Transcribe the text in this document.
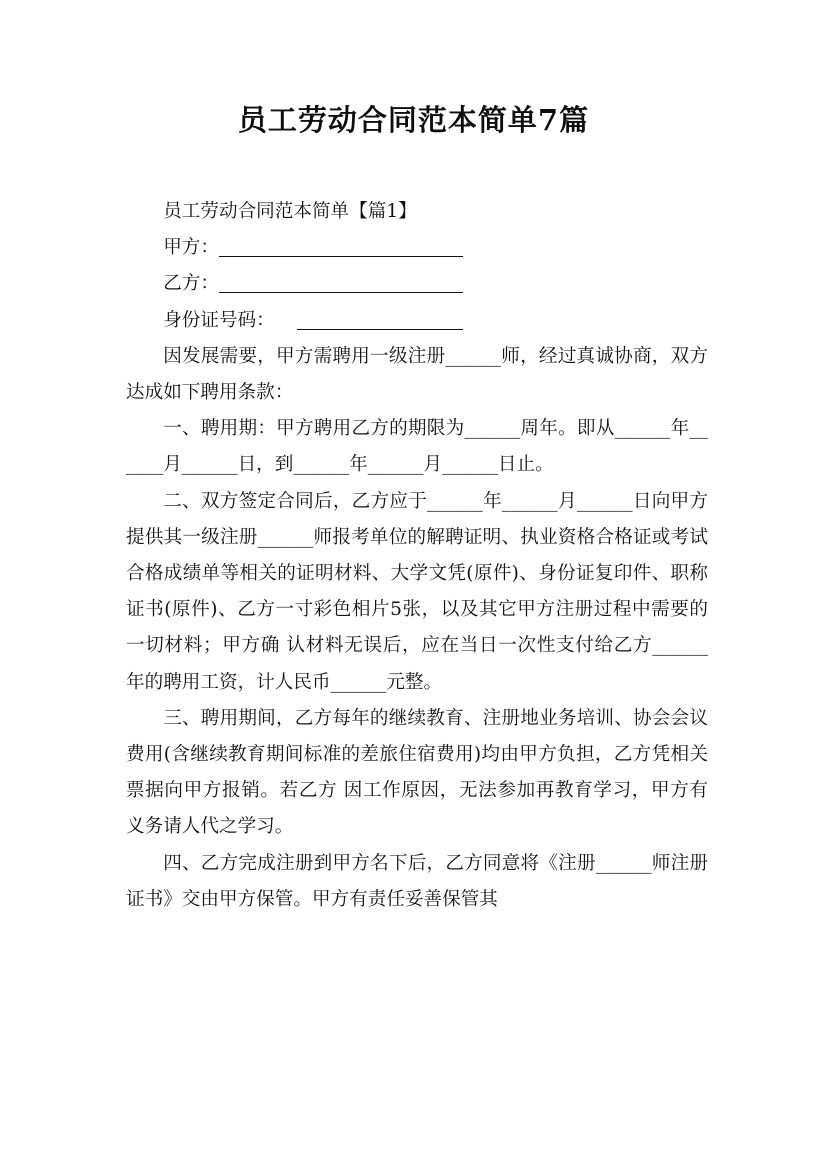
员工劳动合同范本简单7篇

员工劳动合同范本简单【篇1】

甲方：

乙方：

身份证号码：

因发展需要，甲方需聘用一级注册______师，经过真诚协商，双方达成如下聘用条款：

一、聘用期：甲方聘用乙方的期限为______周年。即从______年______月______日，到______年______月______日止。

二、双方签定合同后，乙方应于______年______月______日向甲方提供其一级注册______师报考单位的解聘证明、执业资格合格证或考试 合格成绩单等相关的证明材料、大学文凭(原件)、身份证复印件、职称证书(原件)、乙方一寸彩色相片5张，以及其它甲方注册过程中需要的一切材料；甲方确 认材料无误后，应在当日一次性支付给乙方______年的聘用工资，计人民币______元整。

三、聘用期间，乙方每年的继续教育、注册地业务培训、协会会议费用(含继续教育期间标准的差旅住宿费用)均由甲方负担，乙方凭相关票据向甲方报销。若乙方 因工作原因，无法参加再教育学习，甲方有义务请人代之学习。

四、乙方完成注册到甲方名下后，乙方同意将《注册______师注册证书》交由甲方保管。甲方有责任妥善保管其
